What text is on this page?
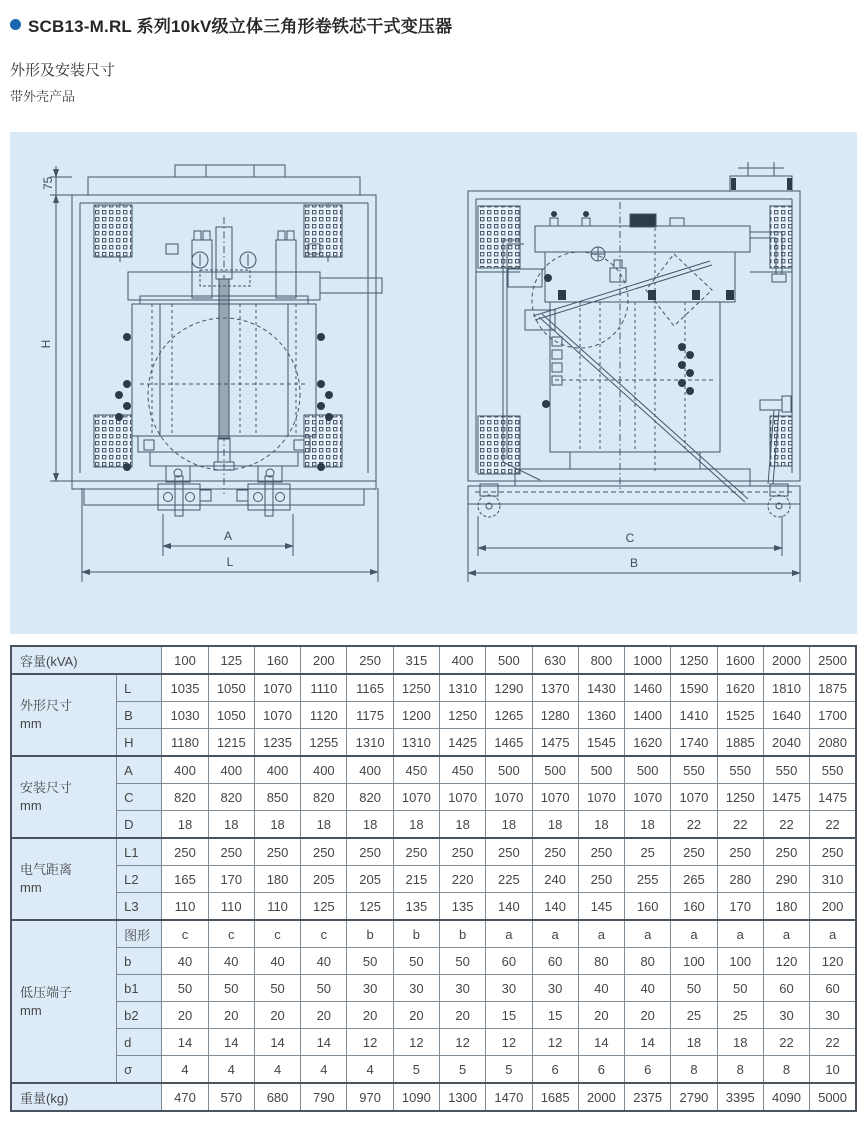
SCB13-M.RL 系列10kV级立体三角形卷铁芯干式变压器
外形及安装尺寸
带外壳产品
75
H
A
L
C
B
容量(kVA)		100	125	160	200	250	315	400	500	630	800	1000	1250	1600	2000	2500
外形尺寸
mm	L	1035	1050	1070	1110	1165	1250	1310	1290	1370	1430	1460	1590	1620	1810	1875
	B	1030	1050	1070	1120	1175	1200	1250	1265	1280	1360	1400	1410	1525	1640	1700
	H	1180	1215	1235	1255	1310	1310	1425	1465	1475	1545	1620	1740	1885	2040	2080
安装尺寸
mm	A	400	400	400	400	400	450	450	500	500	500	500	550	550	550	550
	C	820	820	850	820	820	1070	1070	1070	1070	1070	1070	1070	1250	1475	1475
	D	18	18	18	18	18	18	18	18	18	18	18	22	22	22	22
电气距离
mm	L1	250	250	250	250	250	250	250	250	250	250	25	250	250	250	250
	L2	165	170	180	205	205	215	220	225	240	250	255	265	280	290	310
	L3	110	110	110	125	125	135	135	140	140	145	160	160	170	180	200
低压端子
mm	图形	c	c	c	c	b	b	b	a	a	a	a	a	a	a	a
	b	40	40	40	40	50	50	50	60	60	80	80	100	100	120	120
	b1	50	50	50	50	30	30	30	30	30	40	40	50	50	60	60
	b2	20	20	20	20	20	20	20	15	15	20	20	25	25	30	30
	d	14	14	14	14	12	12	12	12	12	14	14	18	18	22	22
	σ	4	4	4	4	4	5	5	5	6	6	6	8	8	8	10
重量(kg)		470	570	680	790	970	1090	1300	1470	1685	2000	2375	2790	3395	4090	5000
